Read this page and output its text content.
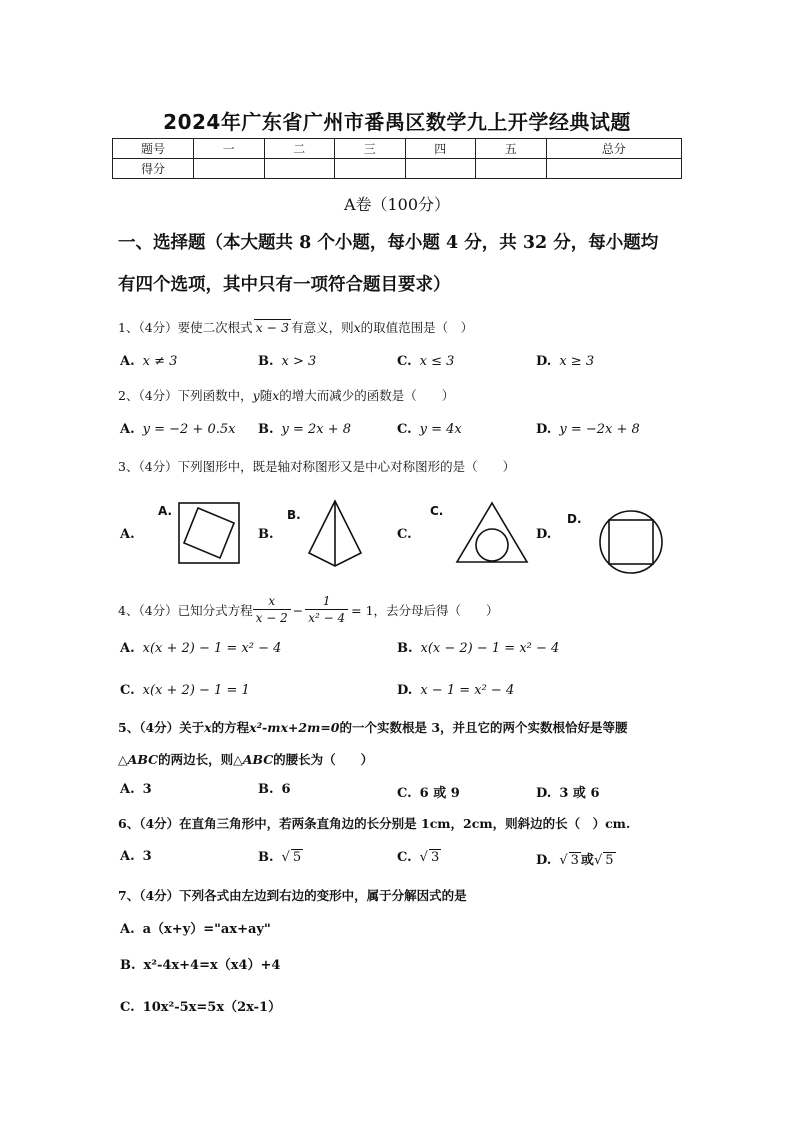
2024年广东省广州市番禺区数学九上开学经典试题
题号	一	二	三	四	五	总分
得分						
A卷（100分）
一、选择题（本大题共 8 个小题，每小题 4 分，共 32 分，每小题均
有四个选项，其中只有一项符合题目要求）
1、（4分）要使二次根式 x − 3 有意义，则x的取值范围是（　）
A. x ≠ 3	B. x > 3	C. x ≤ 3	D. x ≥ 3
2、（4分）下列函数中，y随x的增大而减少的函数是（　　）
A. y = −2 + 0.5x B. y = 2x + 8	C. y = 4x	D. y = −2x + 8
3、（4分）下列图形中，既是轴对称图形又是中心对称图形的是（　　）
A.
A.
B.
B.
C.
C.
D.
D.
4、（4分）已知分式方程 $\frac{x}{x - 2} - \frac{1}{\text{x² − 4}} = 1$ ，去分母后得（　　）
A. x(x + 2) − 1 = x² − 4	B. x(x − 2) − 1 = x² − 4
C. x(x + 2) − 1 = 1	D. x − 1 = x² − 4
5、（4分）关于x的方程x²-mx+2m=0的一个实数根是 3，并且它的两个实数根恰好是等腰
△ABC的两边长，则△ABC的腰长为（　　）
A. 3	B. 6	C. 6 或 9	D. 3 或 6
6、（4分）在直角三角形中，若两条直角边的长分别是 1cm，2cm，则斜边的长（　）cm.
A. 3	B. √ 5	C. √ 3	D. √ 3 或√ 5
7、（4分）下列各式由左边到右边的变形中，属于分解因式的是
A. a（x+y）="ax+ay"
B. x²-4x+4=x（x4）+4
C. 10x²-5x=5x（2x-1）
